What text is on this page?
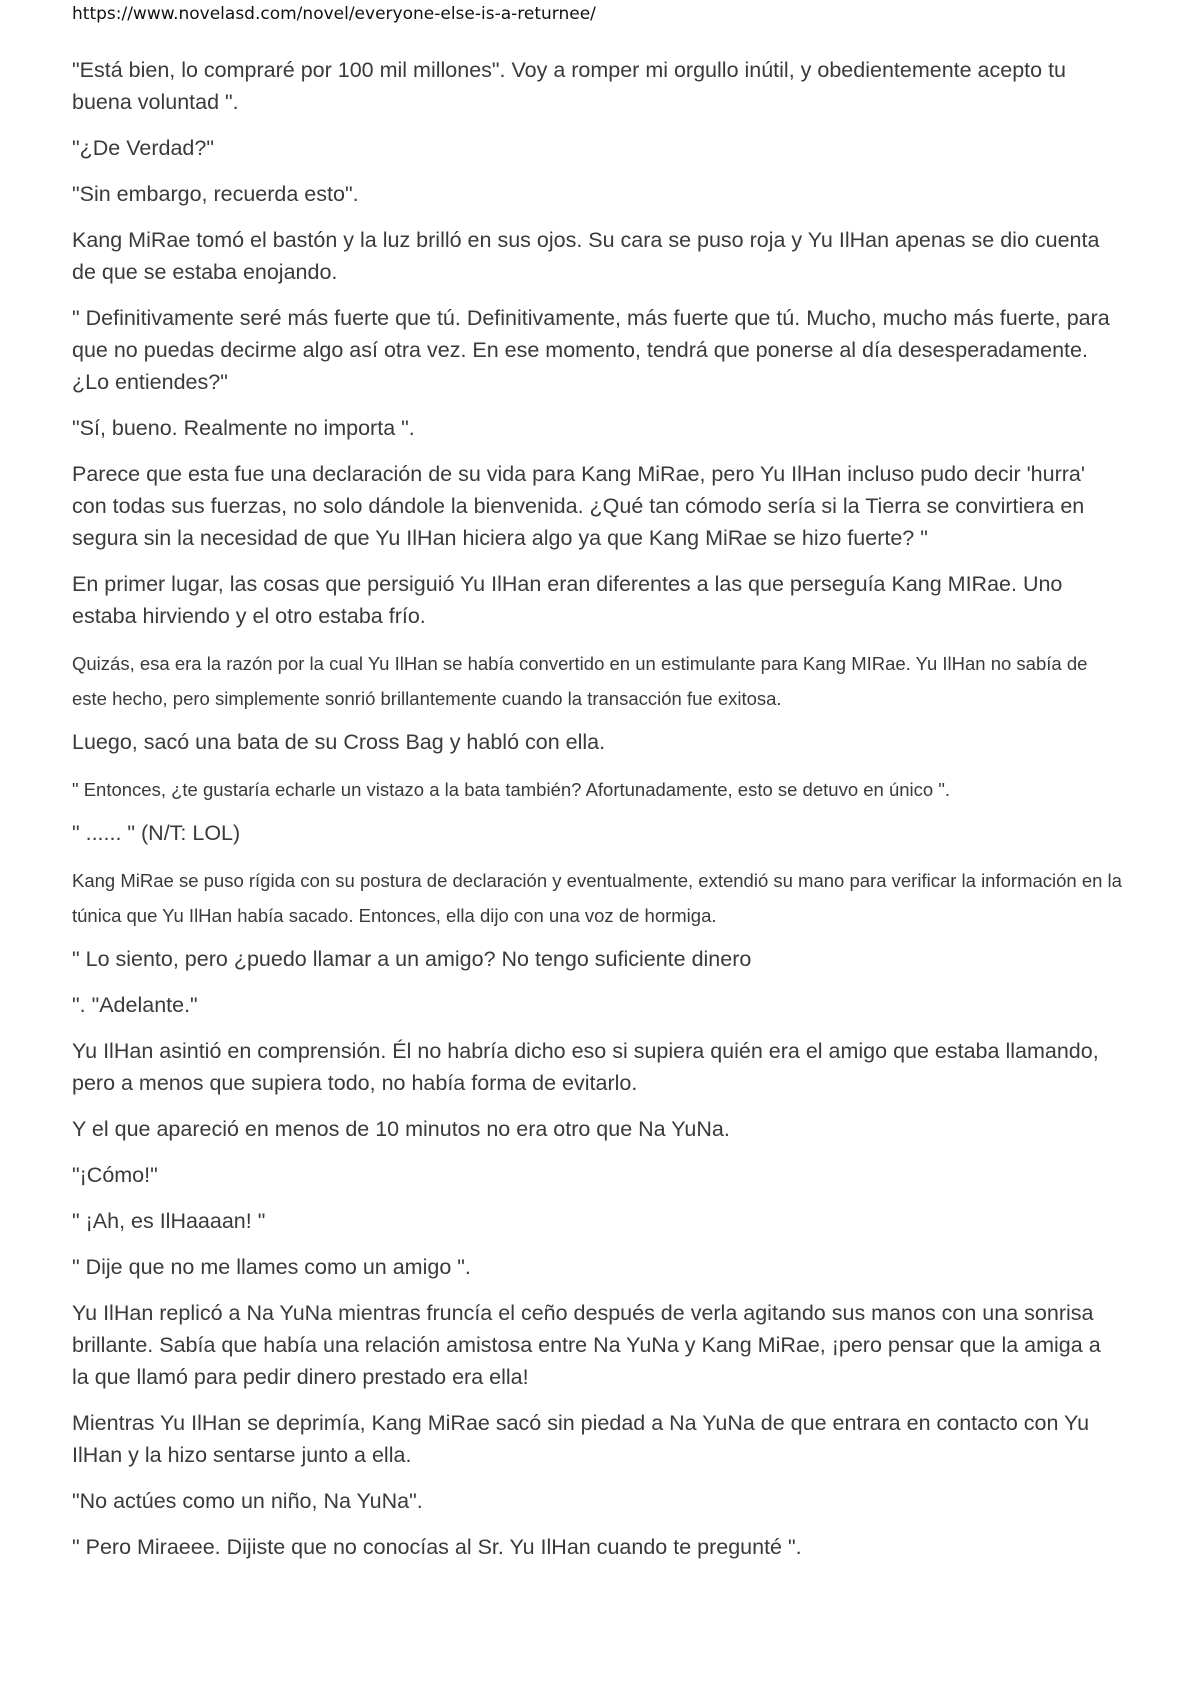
https://www.novelasd.com/novel/everyone-else-is-a-returnee/

"Está bien, lo compraré por 100 mil millones". Voy a romper mi orgullo inútil, y obedientemente acepto tu buena voluntad ".

"¿De Verdad?"

"Sin embargo, recuerda esto".

Kang MiRae tomó el bastón y la luz brilló en sus ojos. Su cara se puso roja y Yu IlHan apenas se dio cuenta de que se estaba enojando.

" Definitivamente seré más fuerte que tú. Definitivamente, más fuerte que tú. Mucho, mucho más fuerte, para que no puedas decirme algo así otra vez. En ese momento, tendrá que ponerse al día desesperadamente. ¿Lo entiendes?"

"Sí, bueno. Realmente no importa ".

Parece que esta fue una declaración de su vida para Kang MiRae, pero Yu IlHan incluso pudo decir 'hurra' con todas sus fuerzas, no solo dándole la bienvenida. ¿Qué tan cómodo sería si la Tierra se convirtiera en segura sin la necesidad de que Yu IlHan hiciera algo ya que Kang MiRae se hizo fuerte? "

En primer lugar, las cosas que persiguió Yu IlHan eran diferentes a las que perseguía Kang MIRae. Uno estaba hirviendo y el otro estaba frío.

Quizás, esa era la razón por la cual Yu IlHan se había convertido en un estimulante para Kang MIRae. Yu IlHan no sabía de este hecho, pero simplemente sonrió brillantemente cuando la transacción fue exitosa.

Luego, sacó una bata de su Cross Bag y habló con ella.

" Entonces, ¿te gustaría echarle un vistazo a la bata también? Afortunadamente, esto se detuvo en único ".

" ...... " (N/T: LOL)

Kang MiRae se puso rígida con su postura de declaración y eventualmente, extendió su mano para verificar la información en la túnica que Yu IlHan había sacado. Entonces, ella dijo con una voz de hormiga.

" Lo siento, pero ¿puedo llamar a un amigo? No tengo suficiente dinero

". "Adelante."

Yu IlHan asintió en comprensión. Él no habría dicho eso si supiera quién era el amigo que estaba llamando, pero a menos que supiera todo, no había forma de evitarlo.

Y el que apareció en menos de 10 minutos no era otro que Na YuNa.

"¡Cómo!"

" ¡Ah, es IlHaaaan! "

" Dije que no me llames como un amigo ".

Yu IlHan replicó a Na YuNa mientras fruncía el ceño después de verla agitando sus manos con una sonrisa brillante. Sabía que había una relación amistosa entre Na YuNa y Kang MiRae, ¡pero pensar que la amiga a la que llamó para pedir dinero prestado era ella!

Mientras Yu IlHan se deprimía, Kang MiRae sacó sin piedad a Na YuNa de que entrara en contacto con Yu IlHan y la hizo sentarse junto a ella.

"No actúes como un niño, Na YuNa".

" Pero Miraeee. Dijiste que no conocías al Sr. Yu IlHan cuando te pregunté ".
